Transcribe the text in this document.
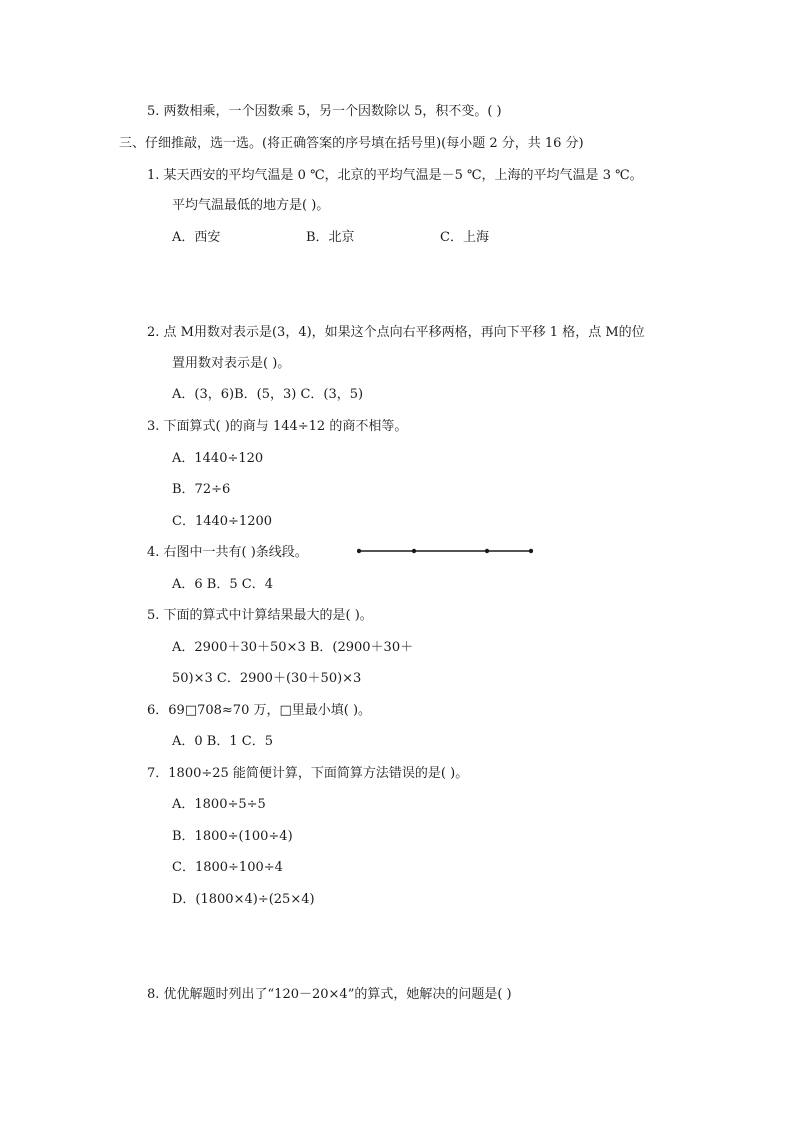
5. 两数相乘，一个因数乘 5，另一个因数除以 5，积不变。( )
三、仔细推敲，选一选。(将正确答案的序号填在括号里)(每小题 2 分，共 16 分)
1. 某天西安的平均气温是 0 ℃，北京的平均气温是－5 ℃，上海的平均气温是 3 ℃。
平均气温最低的地方是( )。
A．西安	B．北京	C．上海
2. 点 M用数对表示是(3，4)，如果这个点向右平移两格，再向下平移 1 格，点 M的位
置用数对表示是( )。
A．(3，6)B．(5，3) C．(3，5)
3. 下面算式( )的商与 144÷12 的商不相等。
A．1440÷120
B．72÷6
C．1440÷1200
4. 右图中一共有( )条线段。
A．6 B．5 C．4
5. 下面的算式中计算结果最大的是( )。
A．2900＋30＋50×3 B．(2900＋30＋
50)×3 C．2900＋(30＋50)×3
6．69□708≈70 万，□里最小填( )。
A．0 B．1 C．5
7．1800÷25 能简便计算，下面简算方法错误的是( )。
A．1800÷5÷5
B．1800÷(100÷4)
C．1800÷100÷4
D．(1800×4)÷(25×4)
8. 优优解题时列出了“120－20×4”的算式，她解决的问题是( )
